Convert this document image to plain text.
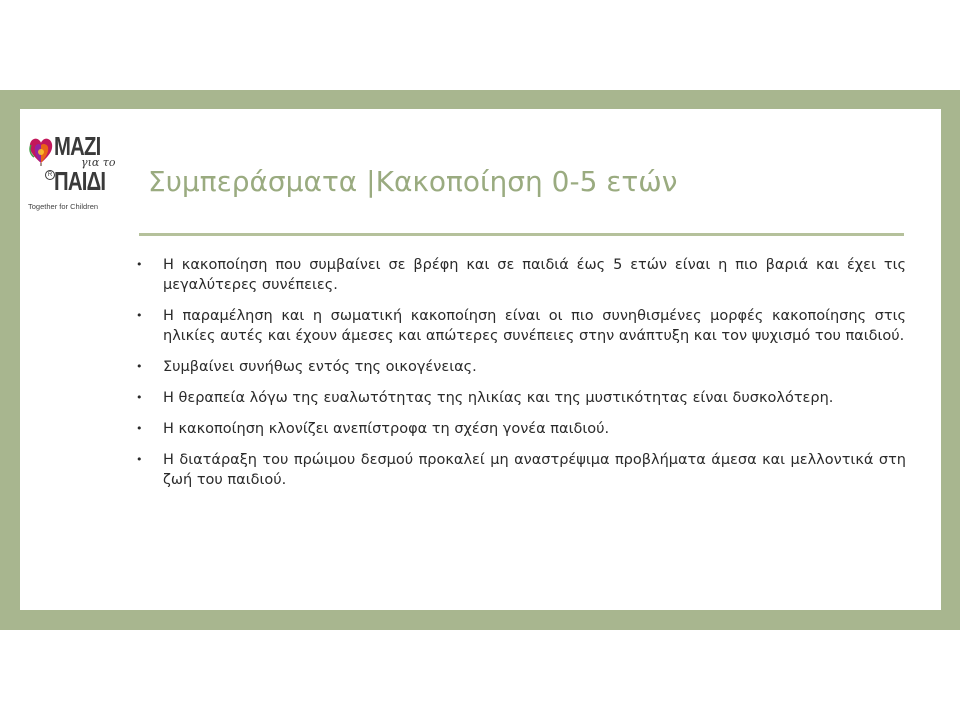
ΜΑΖΙ
για το
R ΠΑΙΔΙ
Together for Children
Συμπεράσματα |Κακοποίηση 0-5 ετών
• Η κακοποίηση που συμβαίνει σε βρέφη και σε παιδιά έως 5 ετών είναι η πιο βαριά και έχει τις μεγαλύτερες συνέπειες.
• Η παραμέληση και η σωματική κακοποίηση είναι οι πιο συνηθισμένες μορφές κακοποίησης στις ηλικίες αυτές και έχουν άμεσες και απώτερες συνέπειες στην ανάπτυξη και τον ψυχισμό του παιδιού.
• Συμβαίνει συνήθως εντός της οικογένειας.
• Η θεραπεία λόγω της ευαλωτότητας της ηλικίας και της μυστικότητας είναι δυσκολότερη.
• Η κακοποίηση κλονίζει ανεπίστροφα τη σχέση γονέα παιδιού.
• Η διατάραξη του πρώιμου δεσμού προκαλεί μη αναστρέψιμα προβλήματα άμεσα και μελλοντικά στη ζωή του παιδιού.
